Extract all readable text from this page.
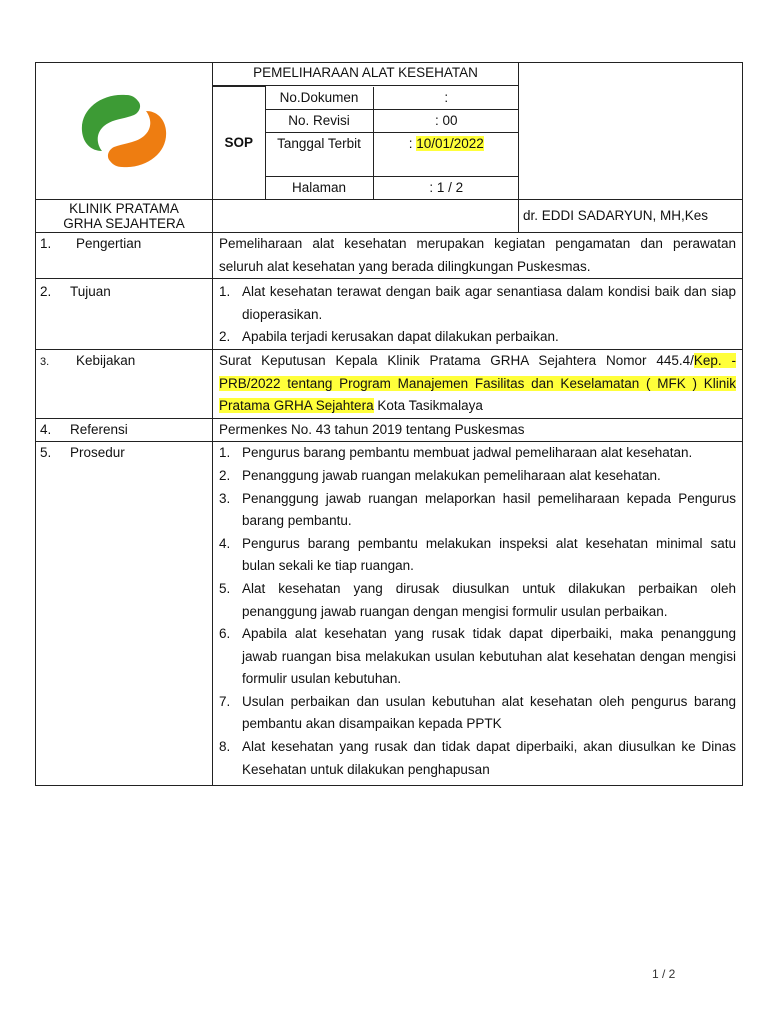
PEMELIHARAAN ALAT KESEHATAN
SOP	No.Dokumen	:
No. Revisi	: 00
Tanggal Terbit	: 10/01/2022
Halaman	: 1 / 2

KLINIK PRATAMA
GRHA SEJAHTERA
		dr. EDDI SADARYUN, MH,Kes
1. Pengertian	Pemeliharaan alat kesehatan merupakan kegiatan pengamatan dan perawatan seluruh alat kesehatan yang berada dilingkungan Puskesmas.

2. Tujuan	1. Alat kesehatan terawat dengan baik agar senantiasa dalam kondisi baik dan siap dioperasikan.
2. Apabila terjadi kerusakan dapat dilakukan perbaikan.

3. Kebijakan	Surat Keputusan Kepala Klinik Pratama GRHA Sejahtera Nomor 445.4/Kep. -PRB/2022 tentang Program Manajemen Fasilitas dan Keselamatan ( MFK ) Klinik Pratama GRHA Sejahtera Kota Tasikmalaya

4. Referensi	Permenkes No. 43 tahun 2019 tentang Puskesmas

5. Prosedur	1. Pengurus barang pembantu membuat jadwal pemeliharaan alat kesehatan.
2. Penanggung jawab ruangan melakukan pemeliharaan alat kesehatan.
3. Penanggung jawab ruangan melaporkan hasil pemeliharaan kepada Pengurus barang pembantu.
4. Pengurus barang pembantu melakukan inspeksi alat kesehatan minimal satu bulan sekali ke tiap ruangan.
5. Alat kesehatan yang dirusak diusulkan untuk dilakukan perbaikan oleh penanggung jawab ruangan dengan mengisi formulir usulan perbaikan.
6. Apabila alat kesehatan yang rusak tidak dapat diperbaiki, maka penanggung jawab ruangan bisa melakukan usulan kebutuhan alat kesehatan dengan mengisi formulir usulan kebutuhan.
7. Usulan perbaikan dan usulan kebutuhan alat kesehatan oleh pengurus barang pembantu akan disampaikan kepada PPTK
8. Alat kesehatan yang rusak dan tidak dapat diperbaiki, akan diusulkan ke Dinas Kesehatan untuk dilakukan penghapusan
1 / 2
